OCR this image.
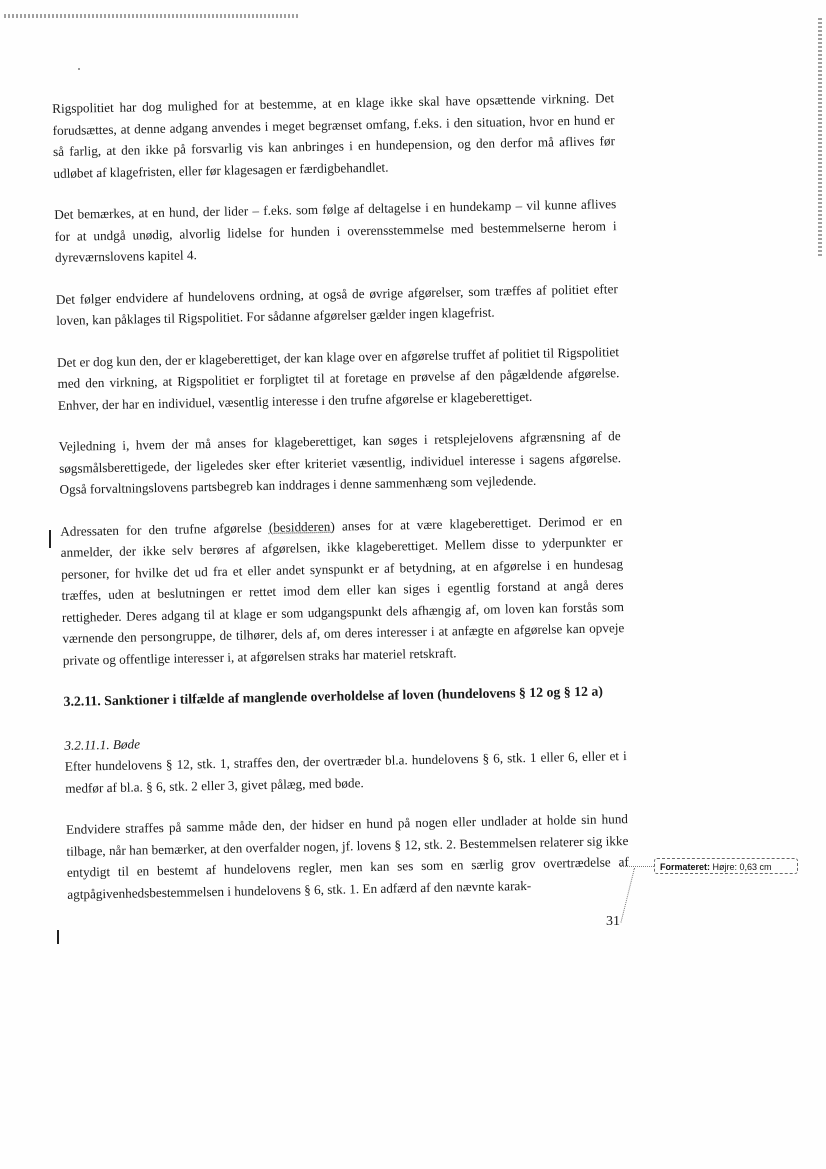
Rigspolitiet har dog mulighed for at bestemme, at en klage ikke skal have opsættende virkning. Det forudsættes, at denne adgang anvendes i meget begrænset omfang, f.eks. i den situation, hvor en hund er så farlig, at den ikke på forsvarlig vis kan anbringes i en hundepension, og den derfor må aflives før udløbet af klagefristen, eller før klagesagen er færdigbehandlet.

Det bemærkes, at en hund, der lider – f.eks. som følge af deltagelse i en hundekamp – vil kunne aflives for at undgå unødig, alvorlig lidelse for hunden i overensstemmelse med bestemmelserne herom i dyreværnslovens kapitel 4.

Det følger endvidere af hundelovens ordning, at også de øvrige afgørelser, som træffes af politiet efter loven, kan påklages til Rigspolitiet. For sådanne afgørelser gælder ingen klagefrist.

Det er dog kun den, der er klageberettiget, der kan klage over en afgørelse truffet af politiet til Rigspolitiet med den virkning, at Rigspolitiet er forpligtet til at foretage en prøvelse af den pågældende afgørelse. Enhver, der har en individuel, væsentlig interesse i den trufne afgørelse er klageberettiget.

Vejledning i, hvem der må anses for klageberettiget, kan søges i retsplejelovens afgrænsning af de søgsmålsberettigede, der ligeledes sker efter kriteriet væsentlig, individuel interesse i sagens afgørelse. Også forvaltningslovens partsbegreb kan inddrages i denne sammenhæng som vejledende.

Adressaten for den trufne afgørelse (besidderen) anses for at være klageberettiget. Derimod er en anmelder, der ikke selv berøres af afgørelsen, ikke klageberettiget. Mellem disse to yderpunkter er personer, for hvilke det ud fra et eller andet synspunkt er af betydning, at en afgørelse i en hundesag træffes, uden at beslutningen er rettet imod dem eller kan siges i egentlig forstand at angå deres rettigheder. Deres adgang til at klage er som udgangspunkt dels afhængig af, om loven kan forstås som værnende den persongruppe, de tilhører, dels af, om deres interesser i at anfægte en afgørelse kan opveje private og offentlige interesser i, at afgørelsen straks har materiel retskraft.

3.2.11. Sanktioner i tilfælde af manglende overholdelse af loven (hundelovens § 12 og § 12 a)
3.2.11.1. Bøde

Efter hundelovens § 12, stk. 1, straffes den, der overtræder bl.a. hundelovens § 6, stk. 1 eller 6, eller et i medfør af bl.a. § 6, stk. 2 eller 3, givet pålæg, med bøde.

Endvidere straffes på samme måde den, der hidser en hund på nogen eller undlader at holde sin hund tilbage, når han bemærker, at den overfalder nogen, jf. lovens § 12, stk. 2. Bestemmelsen relaterer sig ikke entydigt til en bestemt af hundelovens regler, men kan ses som en særlig grov overtrædelse af agtpågivenhedsbestemmelsen i hundelovens § 6, stk. 1. En adfærd af den nævnte karak-

Formateret: Højre: 0,63 cm
31
